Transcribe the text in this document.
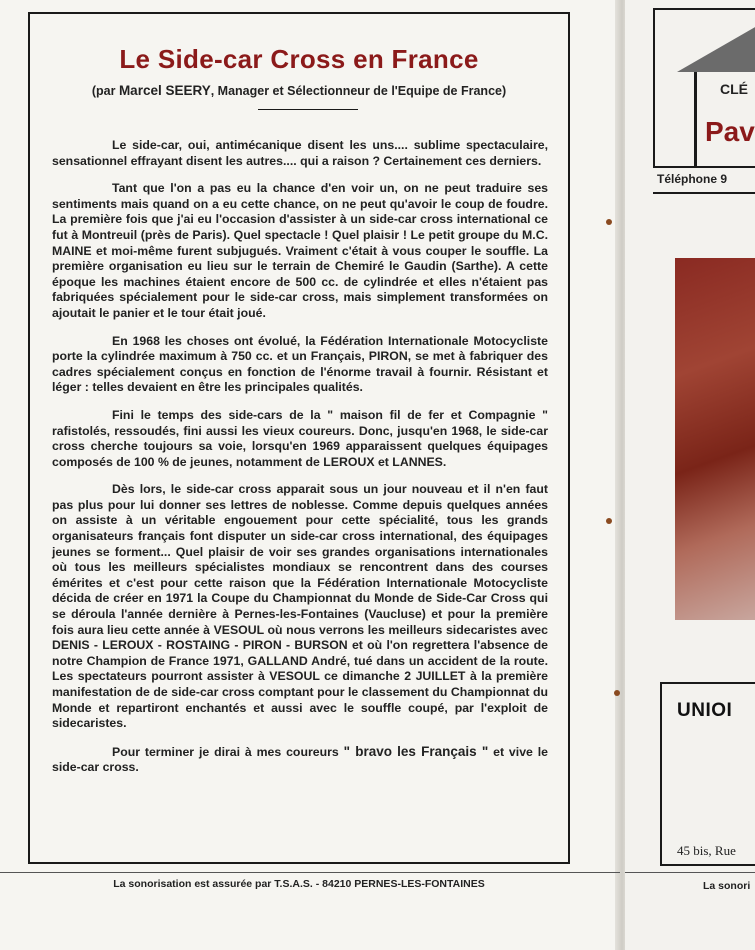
Le Side-car Cross en France

(par Marcel SEERY, Manager et Sélectionneur de l'Equipe de France)

Le side-car, oui, antimécanique disent les uns.... sublime spectaculaire, sensationnel effrayant disent les autres.... qui a raison ? Certainement ces derniers.

Tant que l'on a pas eu la chance d'en voir un, on ne peut traduire ses sentiments mais quand on a eu cette chance, on ne peut qu'avoir le coup de foudre. La première fois que j'ai eu l'occasion d'assister à un side-car cross international ce fut à Montreuil (près de Paris). Quel spectacle ! Quel plaisir ! Le petit groupe du M.C. MAINE et moi-même furent subjugués. Vraiment c'était à vous couper le souffle. La première organisation eu lieu sur le terrain de Chemiré le Gaudin (Sarthe). A cette époque les machines étaient encore de 500 cc. de cylindrée et elles n'étaient pas fabriquées spécialement pour le side-car cross, mais simplement transformées on ajoutait le panier et le tour était joué.

En 1968 les choses ont évolué, la Fédération Internationale Motocycliste porte la cylindrée maximum à 750 cc. et un Français, PIRON, se met à fabriquer des cadres spécialement conçus en fonction de l'énorme travail à fournir. Résistant et léger : telles devaient en être les principales qualités.

Fini le temps des side-cars de la " maison fil de fer et Compagnie " rafistolés, ressoudés, fini aussi les vieux coureurs. Donc, jusqu'en 1968, le side-car cross cherche toujours sa voie, lorsqu'en 1969 apparaissent quelques équipages composés de 100 % de jeunes, notamment de LEROUX et LANNES.

Dès lors, le side-car cross apparait sous un jour nouveau et il n'en faut pas plus pour lui donner ses lettres de noblesse. Comme depuis quelques années on assiste à un véritable engouement pour cette spécialité, tous les grands organisateurs français font disputer un side-car cross international, des équipages jeunes se forment... Quel plaisir de voir ses grandes organisations internationales où tous les meilleurs spécialistes mondiaux se rencontrent dans des courses émérites et c'est pour cette raison que la Fédération Internationale Motocycliste décida de créer en 1971 la Coupe du Championnat du Monde de Side-Car Cross qui se déroula l'année dernière à Pernes-les-Fontaines (Vaucluse) et pour la première fois aura lieu cette année à VESOUL où nous verrons les meilleurs sidecaristes avec DENIS - LEROUX - ROSTAING - PIRON - BURSON et où l'on regrettera l'absence de notre Champion de France 1971, GALLAND André, tué dans un accident de la route. Les spectateurs pourront assister à VESOUL ce dimanche 2 JUILLET à la première manifestation de de side-car cross comptant pour le classement du Championnat du Monde et repartiront enchantés et aussi avec le souffle coupé, par l'exploit de sidecaristes.

Pour terminer je dirai à mes coureurs " bravo les Français " et vive le side-car cross.

La sonorisation est assurée par T.S.A.S. - 84210 PERNES-LES-FONTAINES
CLÉ
Pav
Téléphone 9
UNIOI
45 bis, Rue
La sonori
